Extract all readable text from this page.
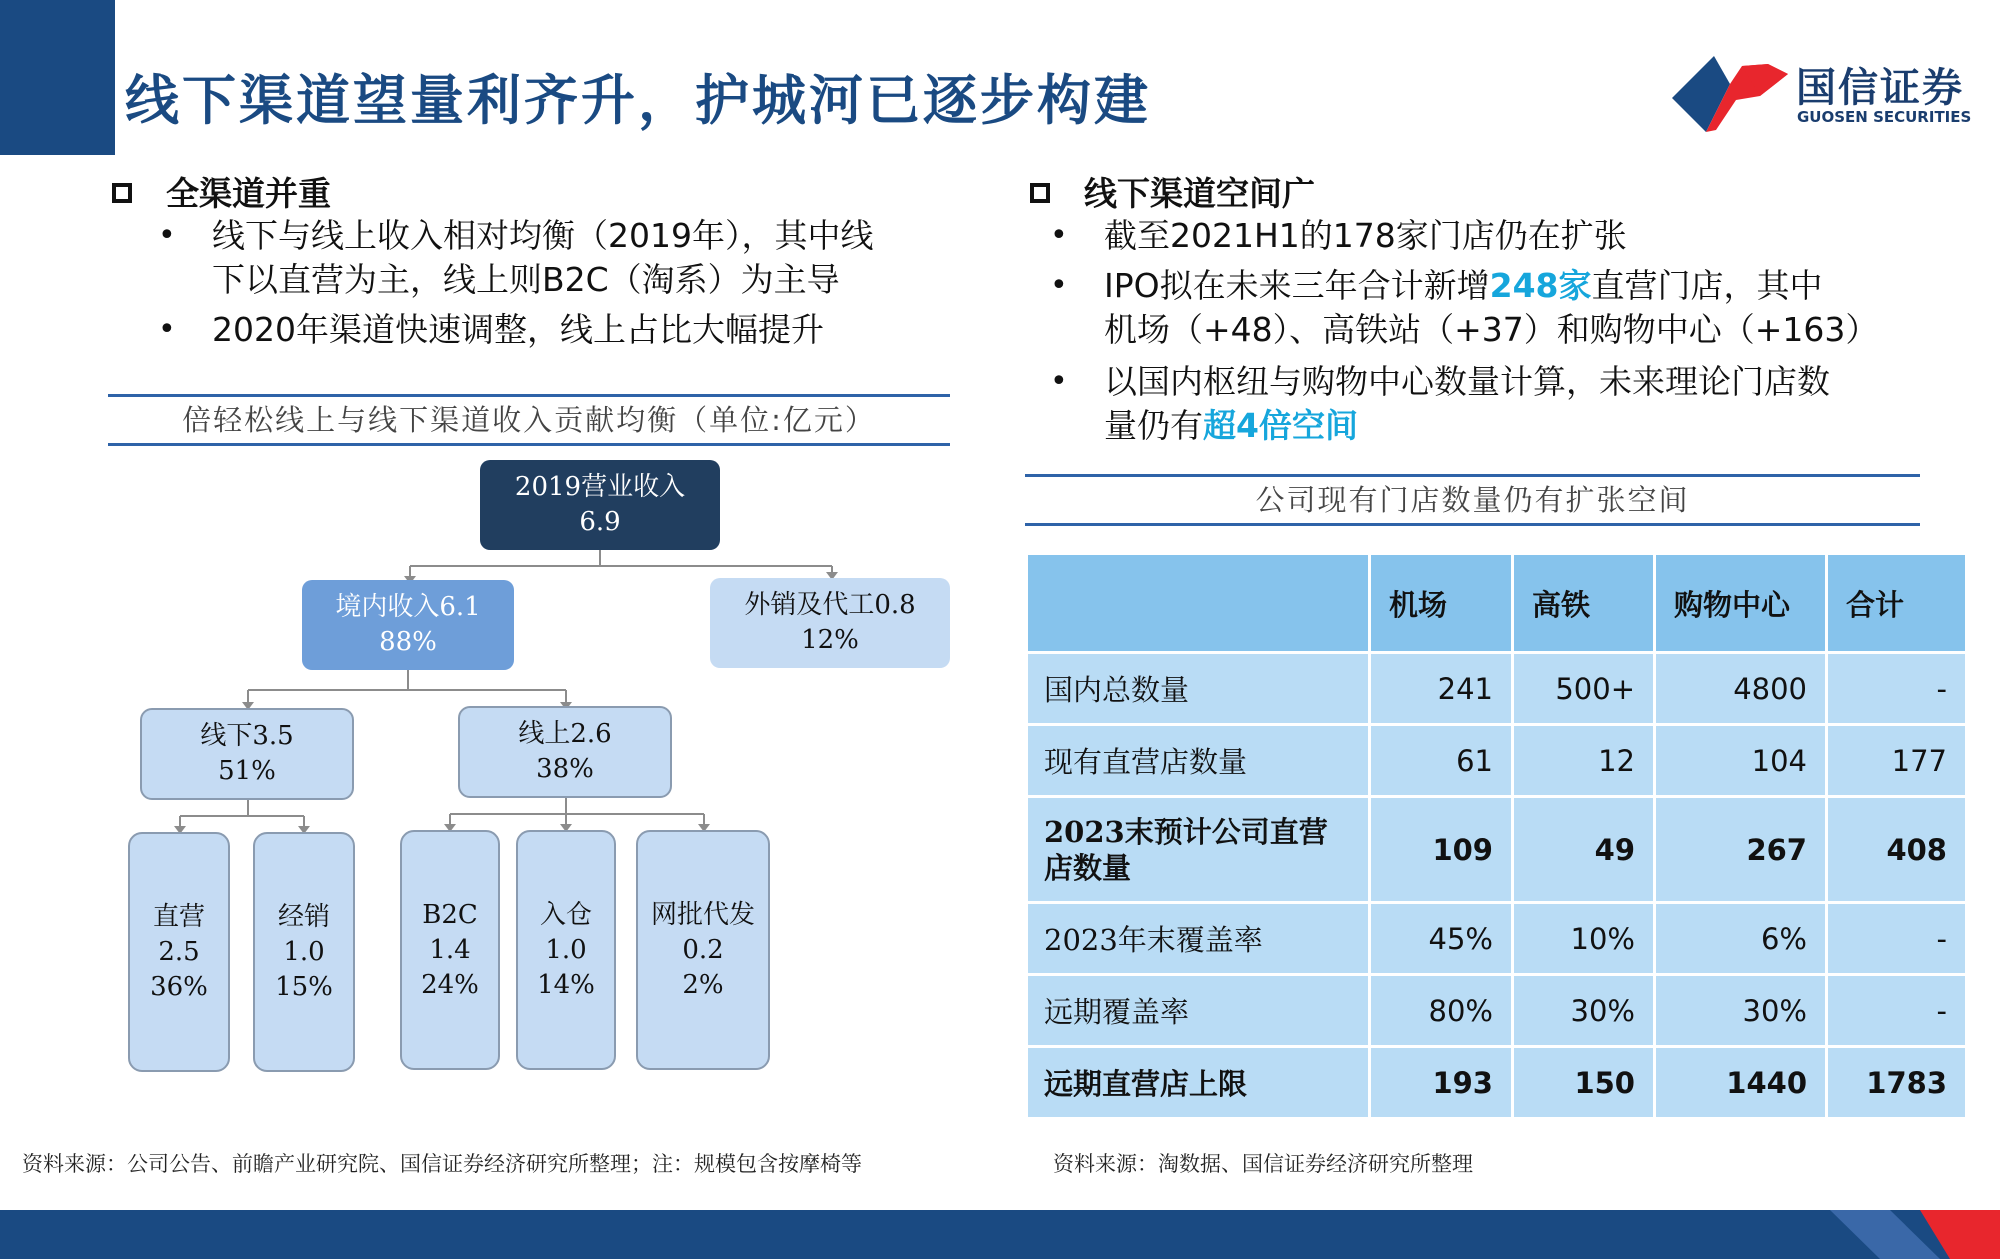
线下渠道望量利齐升，护城河已逐步构建	国信证券
GUOSEN SECURITIES
全渠道并重
• 线下与线上收入相对均衡（2019年），其中线
下以直营为主，线上则B2C（淘系）为主导
• 2020年渠道快速调整，线上占比大幅提升
倍轻松线上与线下渠道收入贡献均衡（单位:亿元）
2019营业收入
6.9
境内收入6.1
88%
外销及代工0.8
12%
线下3.5
51%
线上2.6
38%
直营
2.5
36%
经销
1.0
15%
B2C
1.4
24%
入仓
1.0
14%
网批代发
0.2
2%
线下渠道空间广
• 截至2021H1的178家门店仍在扩张
• IPO拟在未来三年合计新增248家直营门店，其中
机场（+48）、高铁站（+37）和购物中心（+163）
• 以国内枢纽与购物中心数量计算，未来理论门店数
量仍有超4倍空间
公司现有门店数量仍有扩张空间
	机场	高铁	购物中心	合计
国内总数量	241	500+	4800	-
现有直营店数量	61	12	104	177
2023末预计公司直营店数量	109	49	267	408
2023年末覆盖率	45%	10%	6%	-
远期覆盖率	80%	30%	30%	-
远期直营店上限	193	150	1440	1783
资料来源：公司公告、前瞻产业研究院、国信证券经济研究所整理；注：规模包含按摩椅等	资料来源：淘数据、国信证券经济研究所整理
